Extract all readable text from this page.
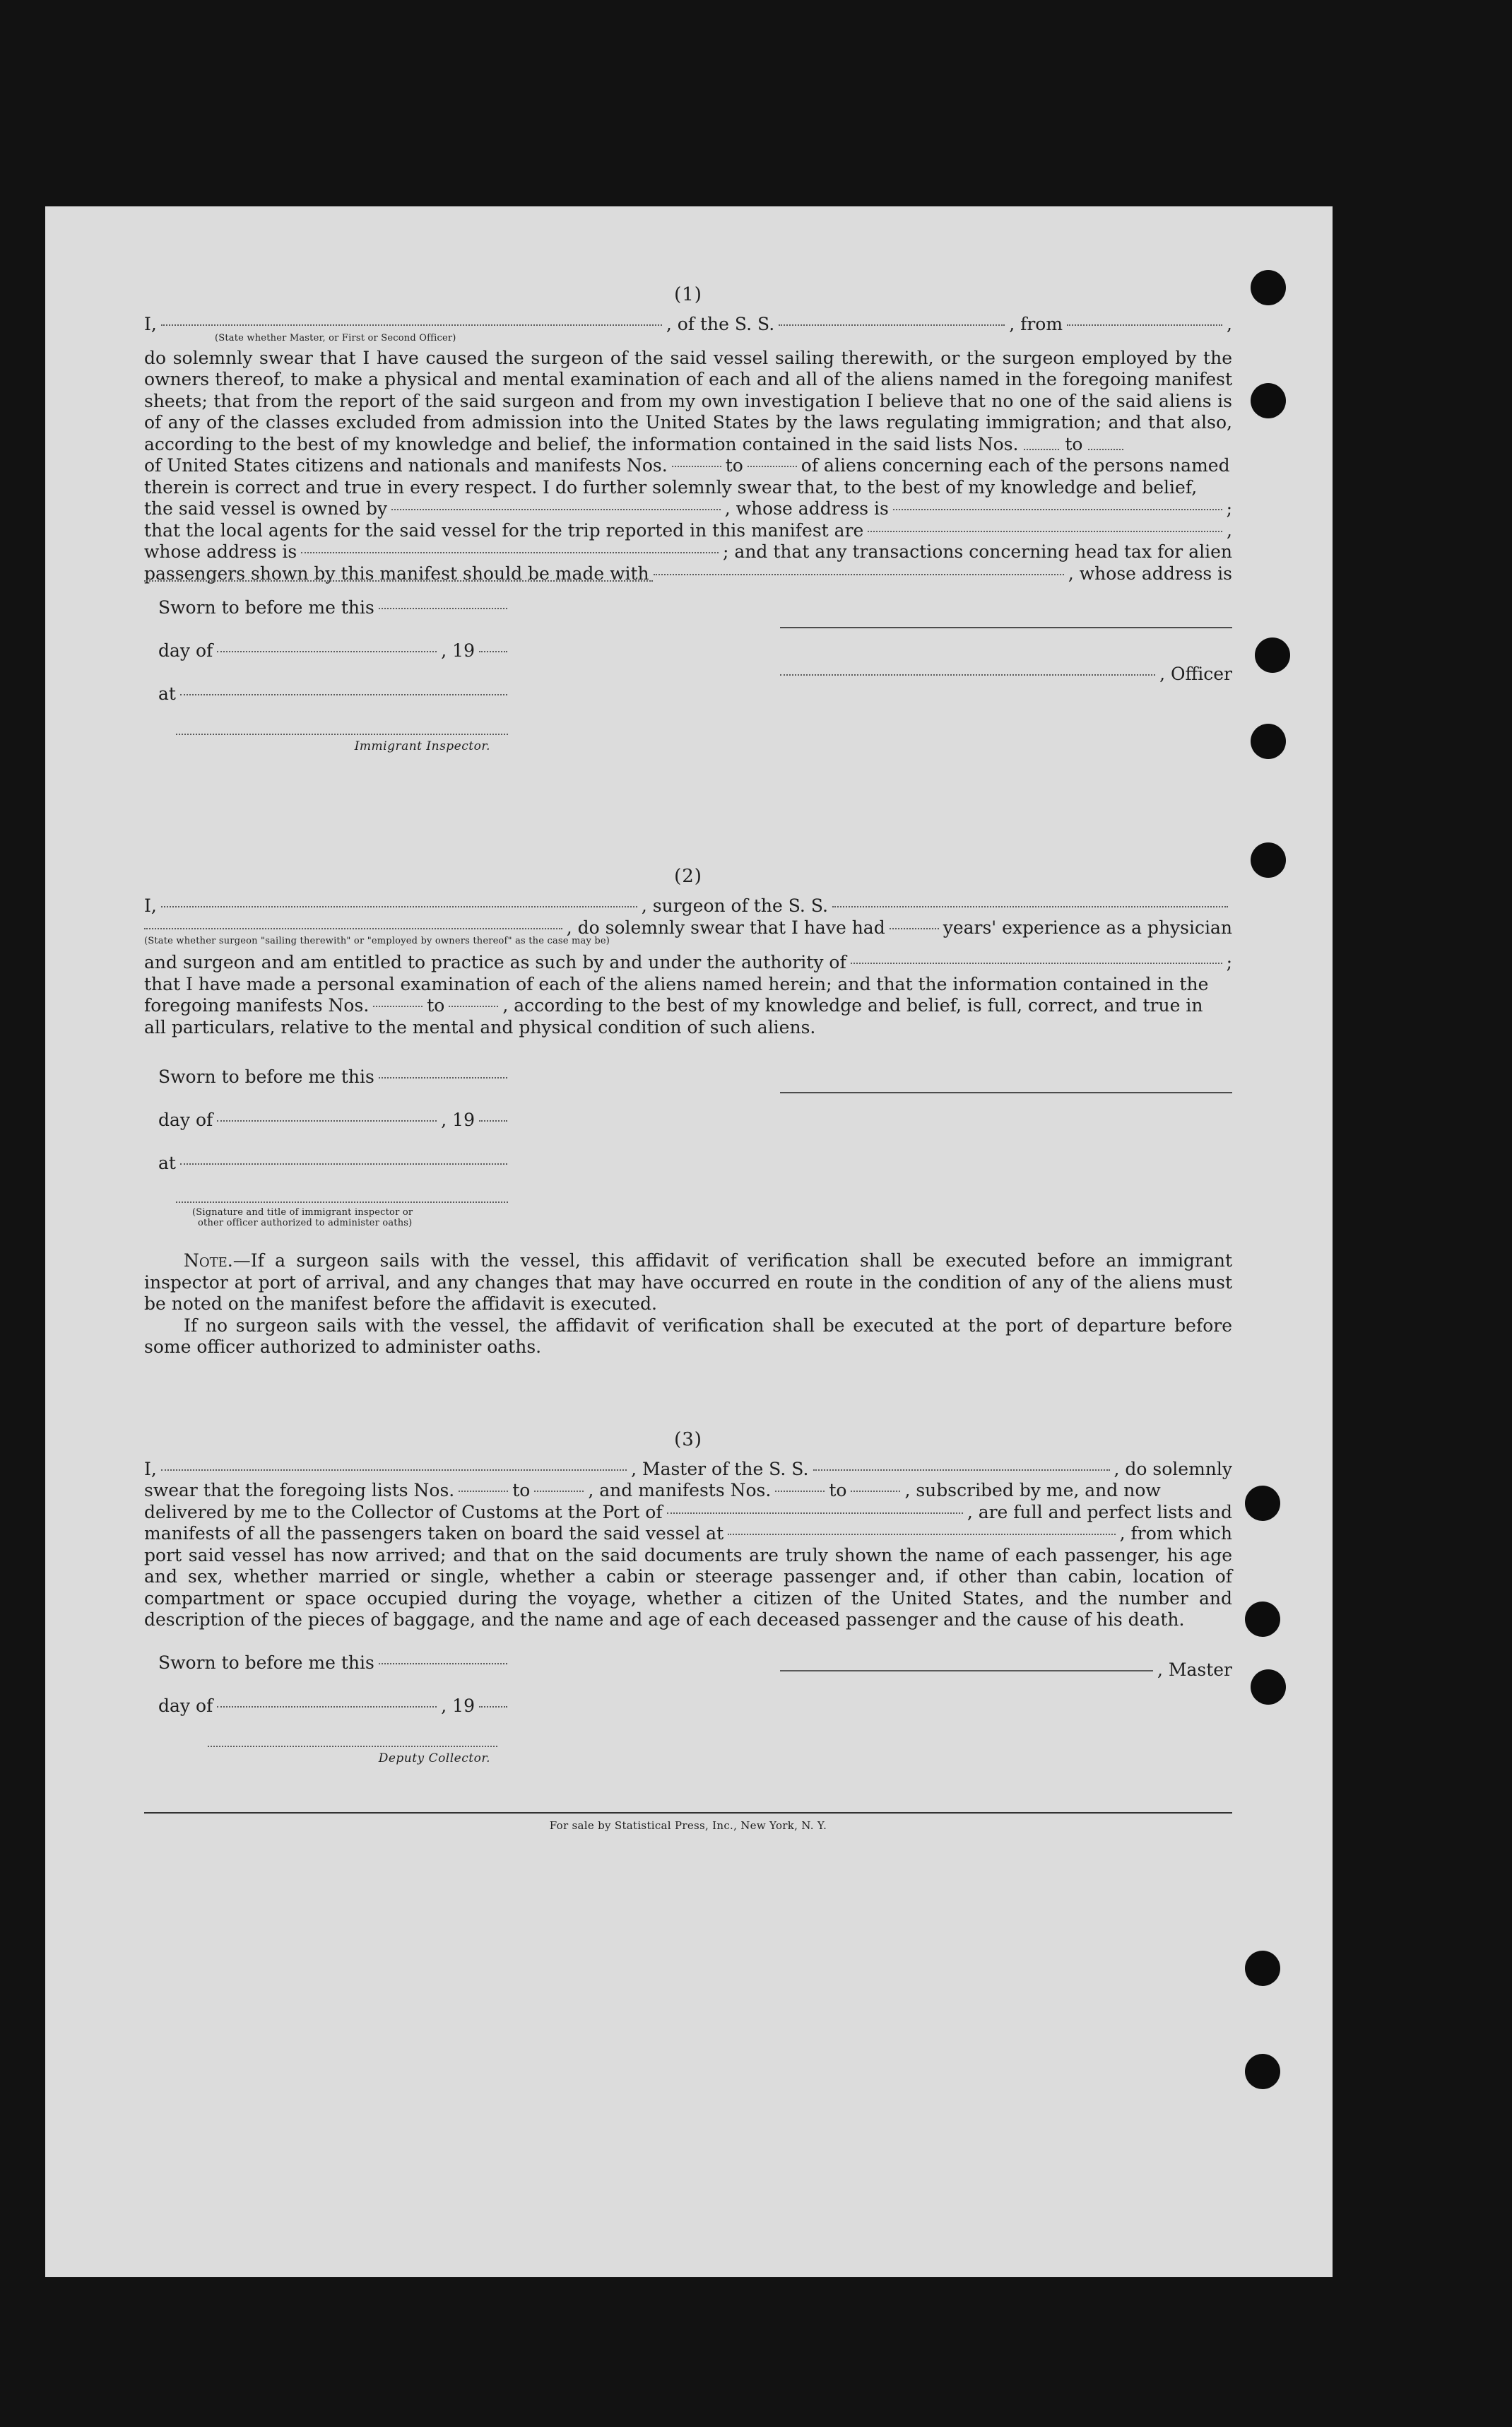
(1)
I,	, of the S. S.	, from	,
(State whether Master, or First or Second Officer)

do solemnly swear that I have caused the surgeon of the said vessel sailing therewith, or the surgeon employed by the owners thereof, to make a physical and mental examination of each and all of the aliens named in the foregoing manifest sheets; that from the report of the said surgeon and from my own investigation I believe that no one of the said aliens is of any of the classes excluded from admission into the United States by the laws regulating immigration; and that also, according to the best of my knowledge and belief, the information contained in the said lists Nos.	to

of United States citizens and nationals and manifests Nos.	to	of aliens concerning each of the persons named

therein is correct and true in every respect. I do further solemnly swear that, to the best of my knowledge and belief,

the said vessel is owned by	, whose address is	;
that the local agents for the said vessel for the trip reported in this manifest are	,
whose address is	; and that any transactions concerning head tax for alien
passengers shown by this manifest should be made with	, whose address is
Sworn to before me this
day of	, 19
at
Immigrant Inspector.
, Officer
(2)
I,	, surgeon of the S. S.
, do solemnly swear that I have had	years' experience as a physician
(State whether surgeon "sailing therewith" or "employed by owners thereof" as the case may be)
and surgeon and am entitled to practice as such by and under the authority of	;

that I have made a personal examination of each of the aliens named herein; and that the information contained in the

foregoing manifests Nos.	to	, according to the best of my knowledge and belief, is full, correct, and true in

all particulars, relative to the mental and physical condition of such aliens.

Sworn to before me this
day of	, 19
at
(Signature and title of immigrant inspector or
other officer authorized to administer oaths)

Note.—If a surgeon sails with the vessel, this affidavit of verification shall be executed before an immigrant inspector at port of arrival, and any changes that may have occurred en route in the condition of any of the aliens must be noted on the manifest before the affidavit is executed.

If no surgeon sails with the vessel, the affidavit of verification shall be executed at the port of departure before some officer authorized to administer oaths.

(3)
I,	, Master of the S. S.	, do solemnly
swear that the foregoing lists Nos.	to	, and manifests Nos.	to	, subscribed by me, and now
delivered by me to the Collector of Customs at the Port of	, are full and perfect lists and
manifests of all the passengers taken on board the said vessel at	, from which

port said vessel has now arrived; and that on the said documents are truly shown the name of each passenger, his age and sex, whether married or single, whether a cabin or steerage passenger and, if other than cabin, location of compartment or space occupied during the voyage, whether a citizen of the United States, and the number and description of the pieces of baggage, and the name and age of each deceased passenger and the cause of his death.

Sworn to before me this
day of	, 19
Deputy Collector.
, Master
For sale by Statistical Press, Inc., New York, N. Y.
